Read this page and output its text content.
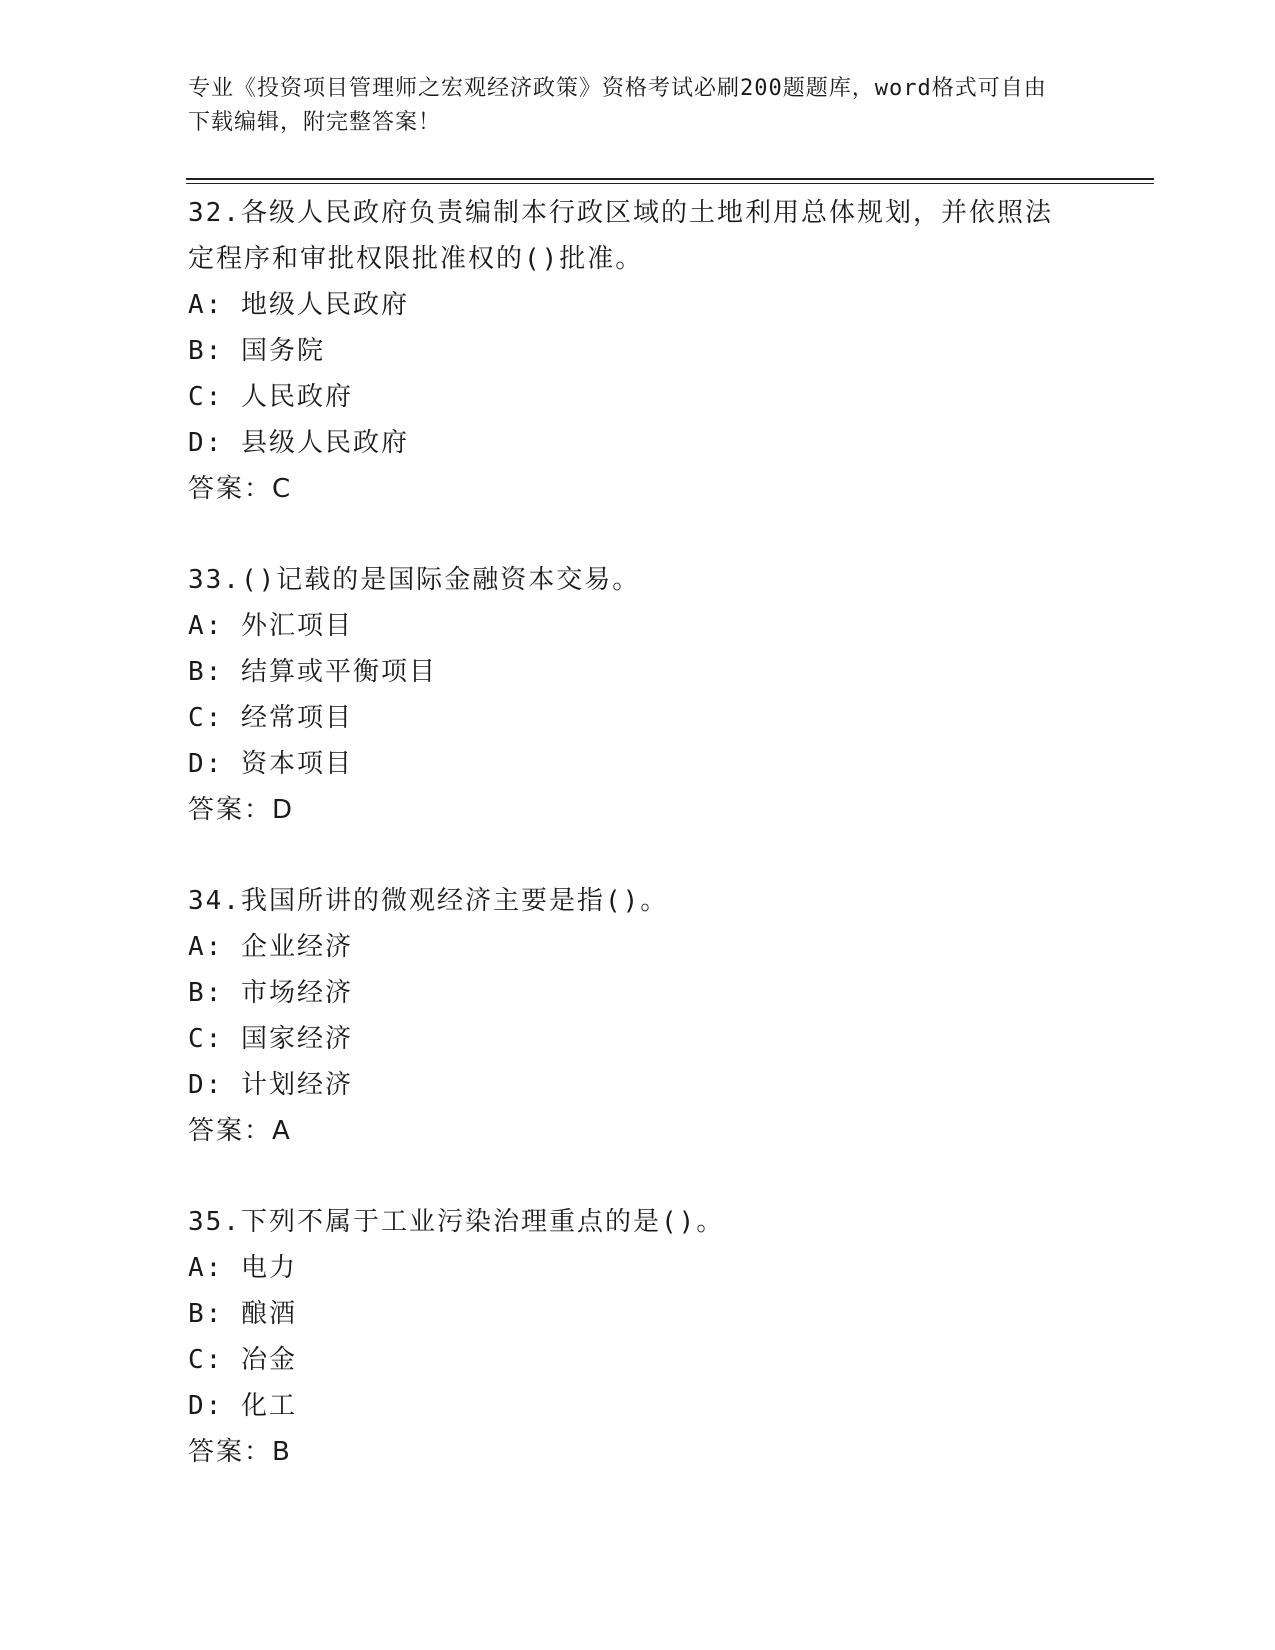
专业《投资项目管理师之宏观经济政策》资格考试必刷200题题库，word格式可自由下载编辑，附完整答案！
32.各级人民政府负责编制本行政区域的土地利用总体规划，并依照法定程序和审批权限批准权的()批准。
A: 地级人民政府
B: 国务院
C: 人民政府
D: 县级人民政府
答案：C
33.()记载的是国际金融资本交易。
A: 外汇项目
B: 结算或平衡项目
C: 经常项目
D: 资本项目
答案：D
34.我国所讲的微观经济主要是指()。
A: 企业经济
B: 市场经济
C: 国家经济
D: 计划经济
答案：A
35.下列不属于工业污染治理重点的是()。
A: 电力
B: 酿酒
C: 冶金
D: 化工
答案：B
